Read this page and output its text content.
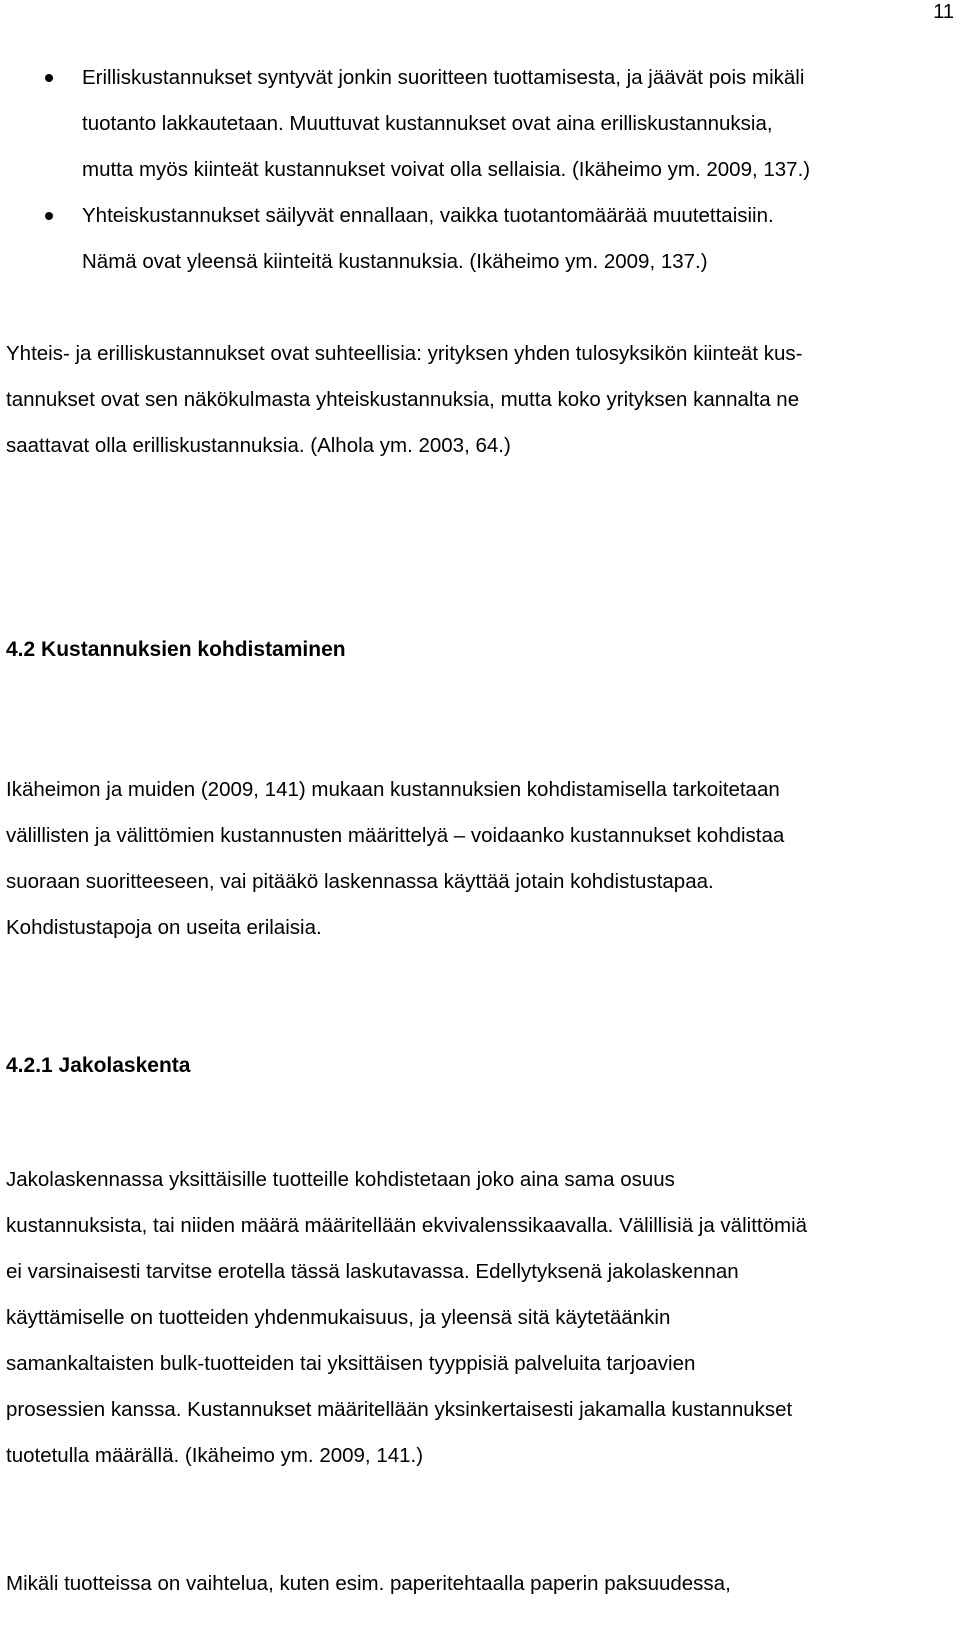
11
Erilliskustannukset syntyvät jonkin suoritteen tuottamisesta, ja jäävät pois mikäli
tuotanto lakkautetaan. Muuttuvat kustannukset ovat aina erilliskustannuksia,
mutta myös kiinteät kustannukset voivat olla sellaisia. (Ikäheimo ym. 2009, 137.)
Yhteiskustannukset säilyvät ennallaan, vaikka tuotantomäärää muutettaisiin.
Nämä ovat yleensä kiinteitä kustannuksia. (Ikäheimo ym. 2009, 137.)
Yhteis- ja erilliskustannukset ovat suhteellisia: yrityksen yhden tulosyksikön kiinteät kus-
tannukset ovat sen näkökulmasta yhteiskustannuksia, mutta koko yrityksen kannalta ne
saattavat olla erilliskustannuksia. (Alhola ym. 2003, 64.)
4.2 Kustannuksien kohdistaminen
Ikäheimon ja muiden (2009, 141) mukaan kustannuksien kohdistamisella tarkoitetaan
välillisten ja välittömien kustannusten määrittelyä – voidaanko kustannukset kohdistaa
suoraan suoritteeseen, vai pitääkö laskennassa käyttää jotain kohdistustapaa.
Kohdistustapoja on useita erilaisia.
4.2.1 Jakolaskenta
Jakolaskennassa yksittäisille tuotteille kohdistetaan joko aina sama osuus
kustannuksista, tai niiden määrä määritellään ekvivalenssikaavalla. Välillisiä ja välittömiä
ei varsinaisesti tarvitse erotella tässä laskutavassa. Edellytyksenä jakolaskennan
käyttämiselle on tuotteiden yhdenmukaisuus, ja yleensä sitä käytetäänkin
samankaltaisten bulk-tuotteiden tai yksittäisen tyyppisiä palveluita tarjoavien
prosessien kanssa. Kustannukset määritellään yksinkertaisesti jakamalla kustannukset
tuotetulla määrällä. (Ikäheimo ym. 2009, 141.)
Mikäli tuotteissa on vaihtelua, kuten esim. paperitehtaalla paperin paksuudessa,
